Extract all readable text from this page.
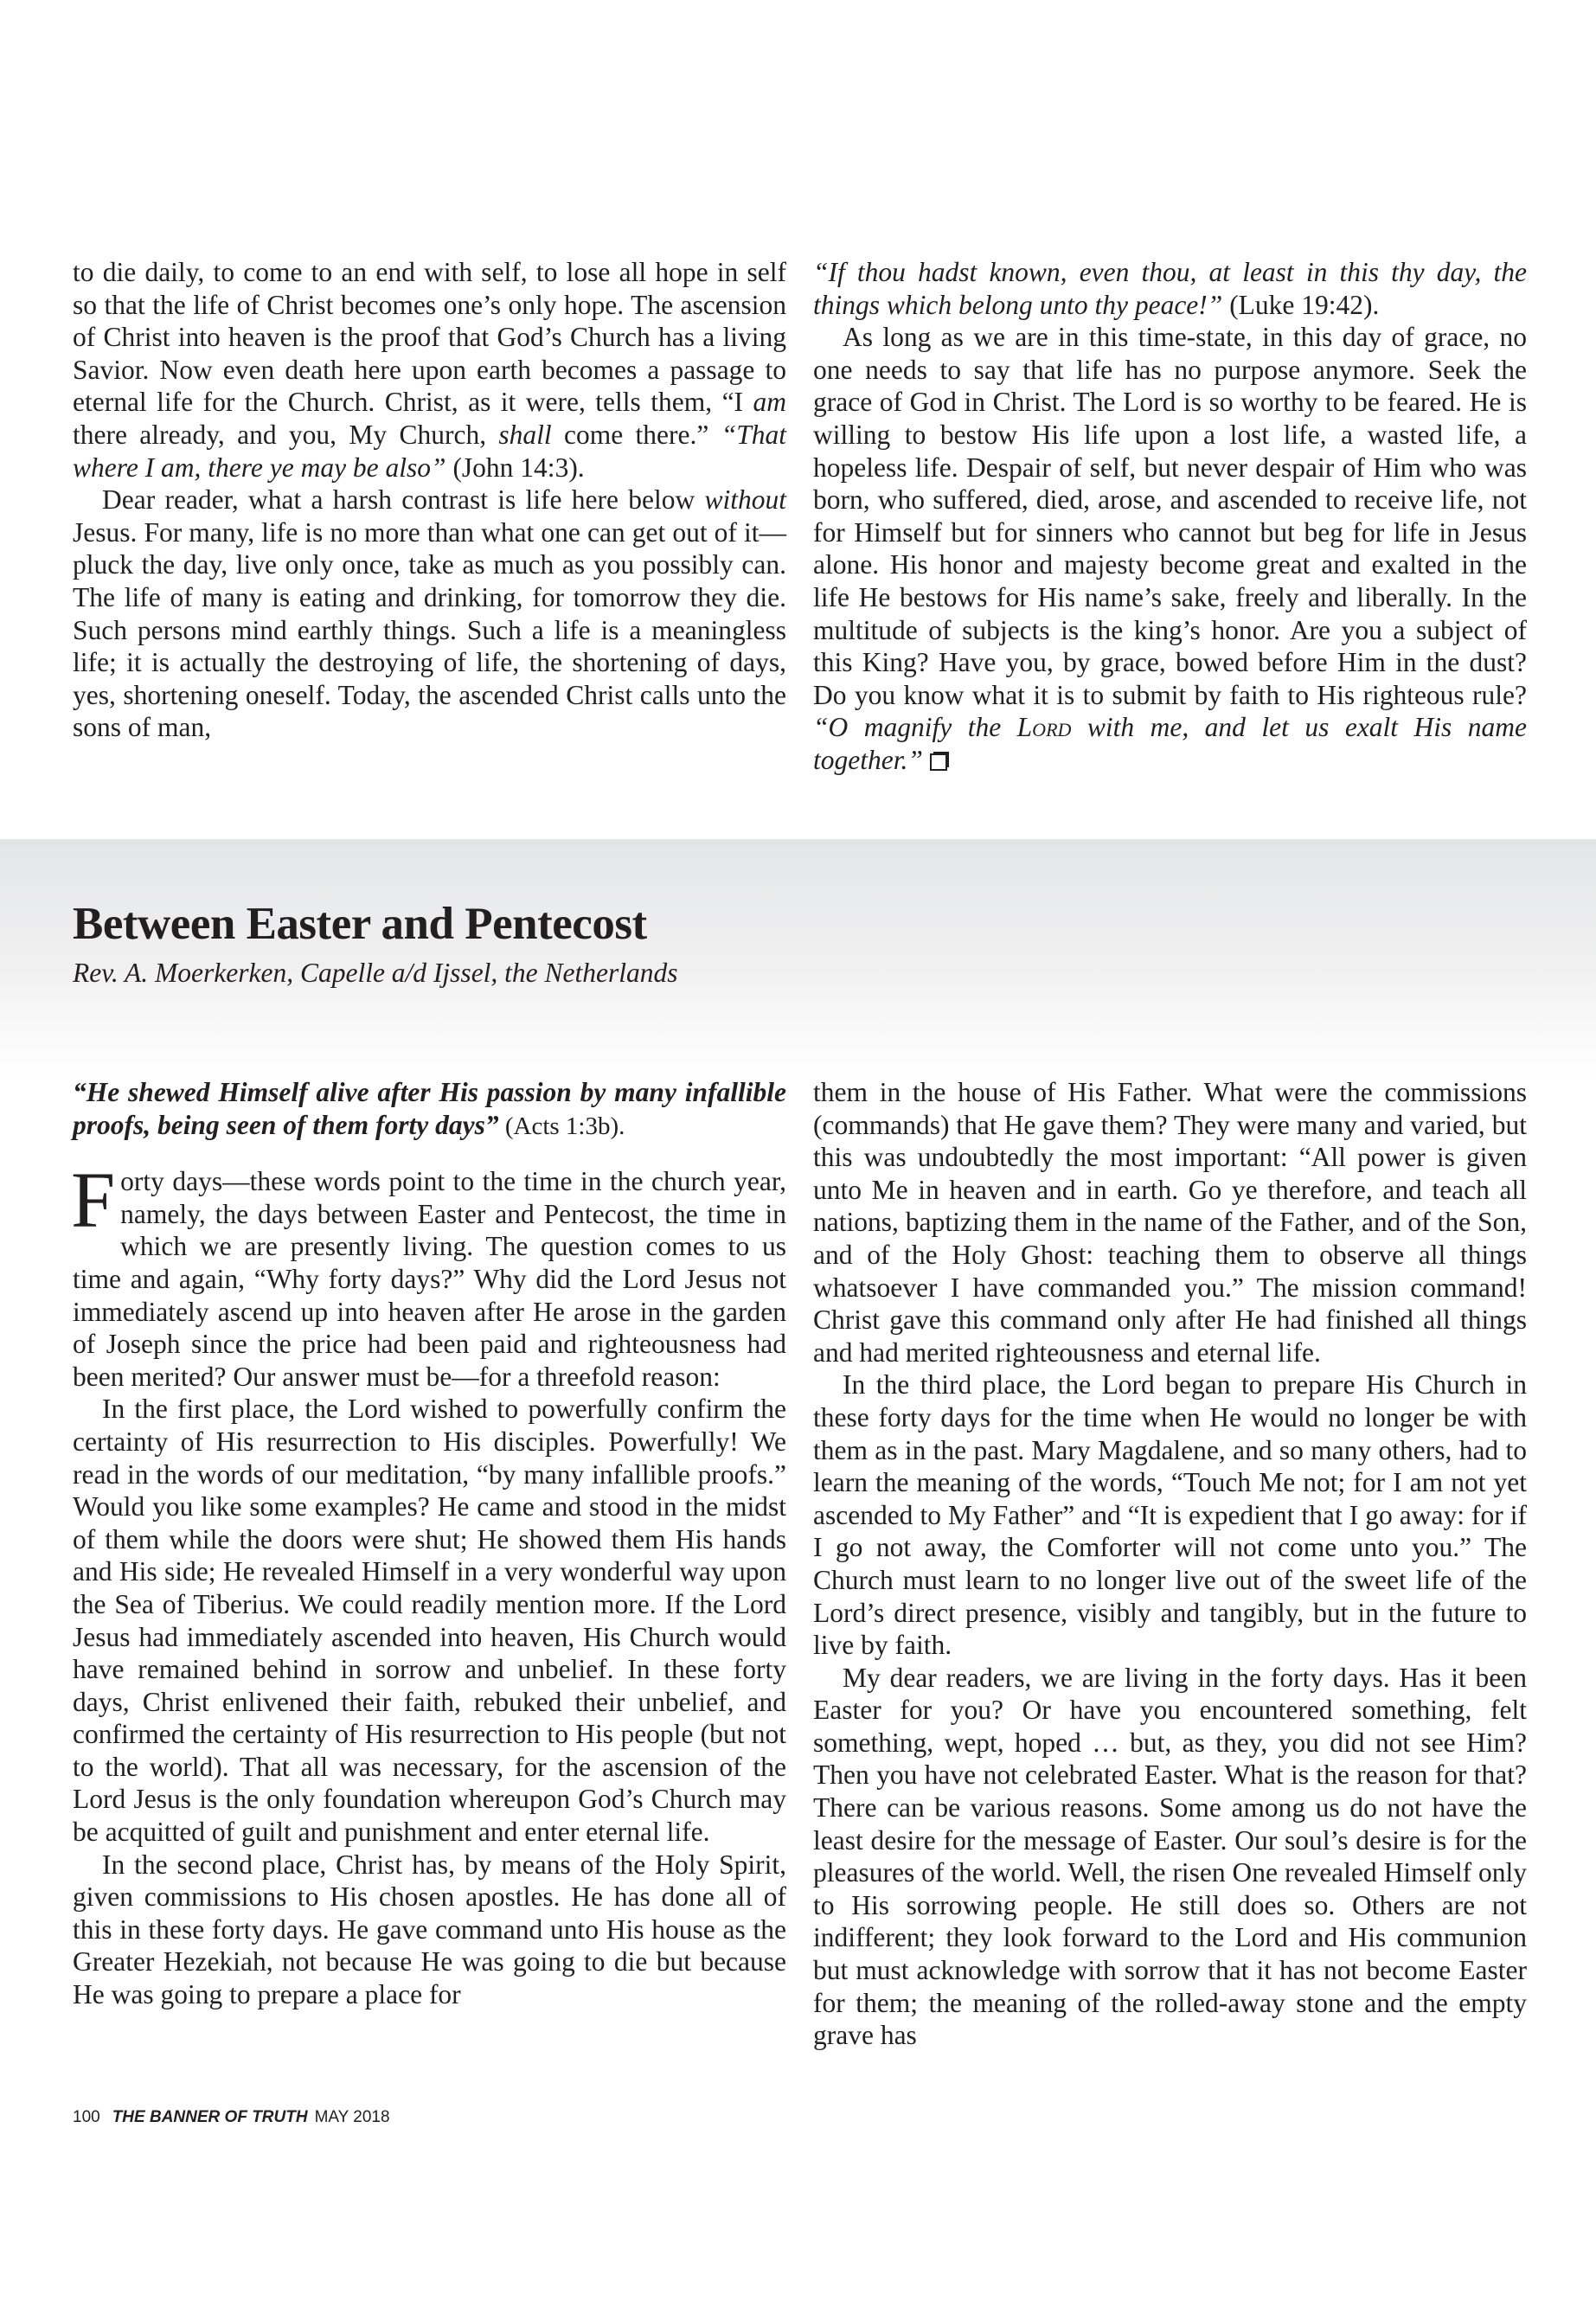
to die daily, to come to an end with self, to lose all hope in self so that the life of Christ becomes one’s only hope. The ascension of Christ into heaven is the proof that God’s Church has a living Savior. Now even death here upon earth becomes a passage to eternal life for the Church. Christ, as it were, tells them, “I am there already, and you, My Church, shall come there.” “That where I am, there ye may be also” (John 14:3).

Dear reader, what a harsh contrast is life here below without Jesus. For many, life is no more than what one can get out of it—pluck the day, live only once, take as much as you possibly can. The life of many is eating and drinking, for tomorrow they die. Such persons mind earthly things. Such a life is a meaningless life; it is actually the destroying of life, the shortening of days, yes, shortening oneself. Today, the ascended Christ calls unto the sons of man,

“If thou hadst known, even thou, at least in this thy day, the things which belong unto thy peace!” (Luke 19:42).

As long as we are in this time-state, in this day of grace, no one needs to say that life has no purpose anymore. Seek the grace of God in Christ. The Lord is so worthy to be feared. He is willing to bestow His life upon a lost life, a wasted life, a hopeless life. Despair of self, but never despair of Him who was born, who suffered, died, arose, and ascended to receive life, not for Himself but for sinners who cannot but beg for life in Jesus alone. His honor and majesty become great and exalted in the life He bestows for His name’s sake, freely and liberally. In the multitude of subjects is the king’s honor. Are you a subject of this King? Have you, by grace, bowed before Him in the dust? Do you know what it is to submit by faith to His righteous rule? “O magnify the Lord with me, and let us exalt His name together.”

Between Easter and Pentecost

Rev. A. Moerkerken, Capelle a/d Ijssel, the Netherlands

“He shewed Himself alive after His passion by many infallible proofs, being seen of them forty days” (Acts 1:3b).

Forty days—these words point to the time in the church year, namely, the days between Easter and Pentecost, the time in which we are presently living. The question comes to us time and again, “Why forty days?” Why did the Lord Jesus not immediately ascend up into heaven after He arose in the garden of Joseph since the price had been paid and righteousness had been merited? Our answer must be—for a threefold reason:

In the first place, the Lord wished to powerfully confirm the certainty of His resurrection to His disciples. Powerfully! We read in the words of our meditation, “by many infallible proofs.” Would you like some examples? He came and stood in the midst of them while the doors were shut; He showed them His hands and His side; He revealed Himself in a very wonderful way upon the Sea of Tiberius. We could readily mention more. If the Lord Jesus had immediately ascended into heaven, His Church would have remained behind in sorrow and unbelief. In these forty days, Christ enlivened their faith, rebuked their unbelief, and confirmed the certainty of His resurrection to His people (but not to the world). That all was necessary, for the ascension of the Lord Jesus is the only foundation whereupon God’s Church may be acquitted of guilt and punishment and enter eternal life.

In the second place, Christ has, by means of the Holy Spirit, given commissions to His chosen apostles. He has done all of this in these forty days. He gave command unto His house as the Greater Hezekiah, not because He was going to die but because He was going to prepare a place for

them in the house of His Father. What were the commissions (commands) that He gave them? They were many and varied, but this was undoubtedly the most important: “All power is given unto Me in heaven and in earth. Go ye therefore, and teach all nations, baptizing them in the name of the Father, and of the Son, and of the Holy Ghost: teaching them to observe all things whatsoever I have commanded you.” The mission command! Christ gave this command only after He had finished all things and had merited righteousness and eternal life.

In the third place, the Lord began to prepare His Church in these forty days for the time when He would no longer be with them as in the past. Mary Magdalene, and so many others, had to learn the meaning of the words, “Touch Me not; for I am not yet ascended to My Father” and “It is expedient that I go away: for if I go not away, the Comforter will not come unto you.” The Church must learn to no longer live out of the sweet life of the Lord’s direct presence, visibly and tangibly, but in the future to live by faith.

My dear readers, we are living in the forty days. Has it been Easter for you? Or have you encountered something, felt something, wept, hoped … but, as they, you did not see Him? Then you have not celebrated Easter. What is the reason for that? There can be various reasons. Some among us do not have the least desire for the message of Easter. Our soul’s desire is for the pleasures of the world. Well, the risen One revealed Himself only to His sorrowing people. He still does so. Others are not indifferent; they look forward to the Lord and His communion but must acknowledge with sorrow that it has not become Easter for them; the meaning of the rolled-away stone and the empty grave has

100 THE BANNER OF TRUTH MAY 2018
